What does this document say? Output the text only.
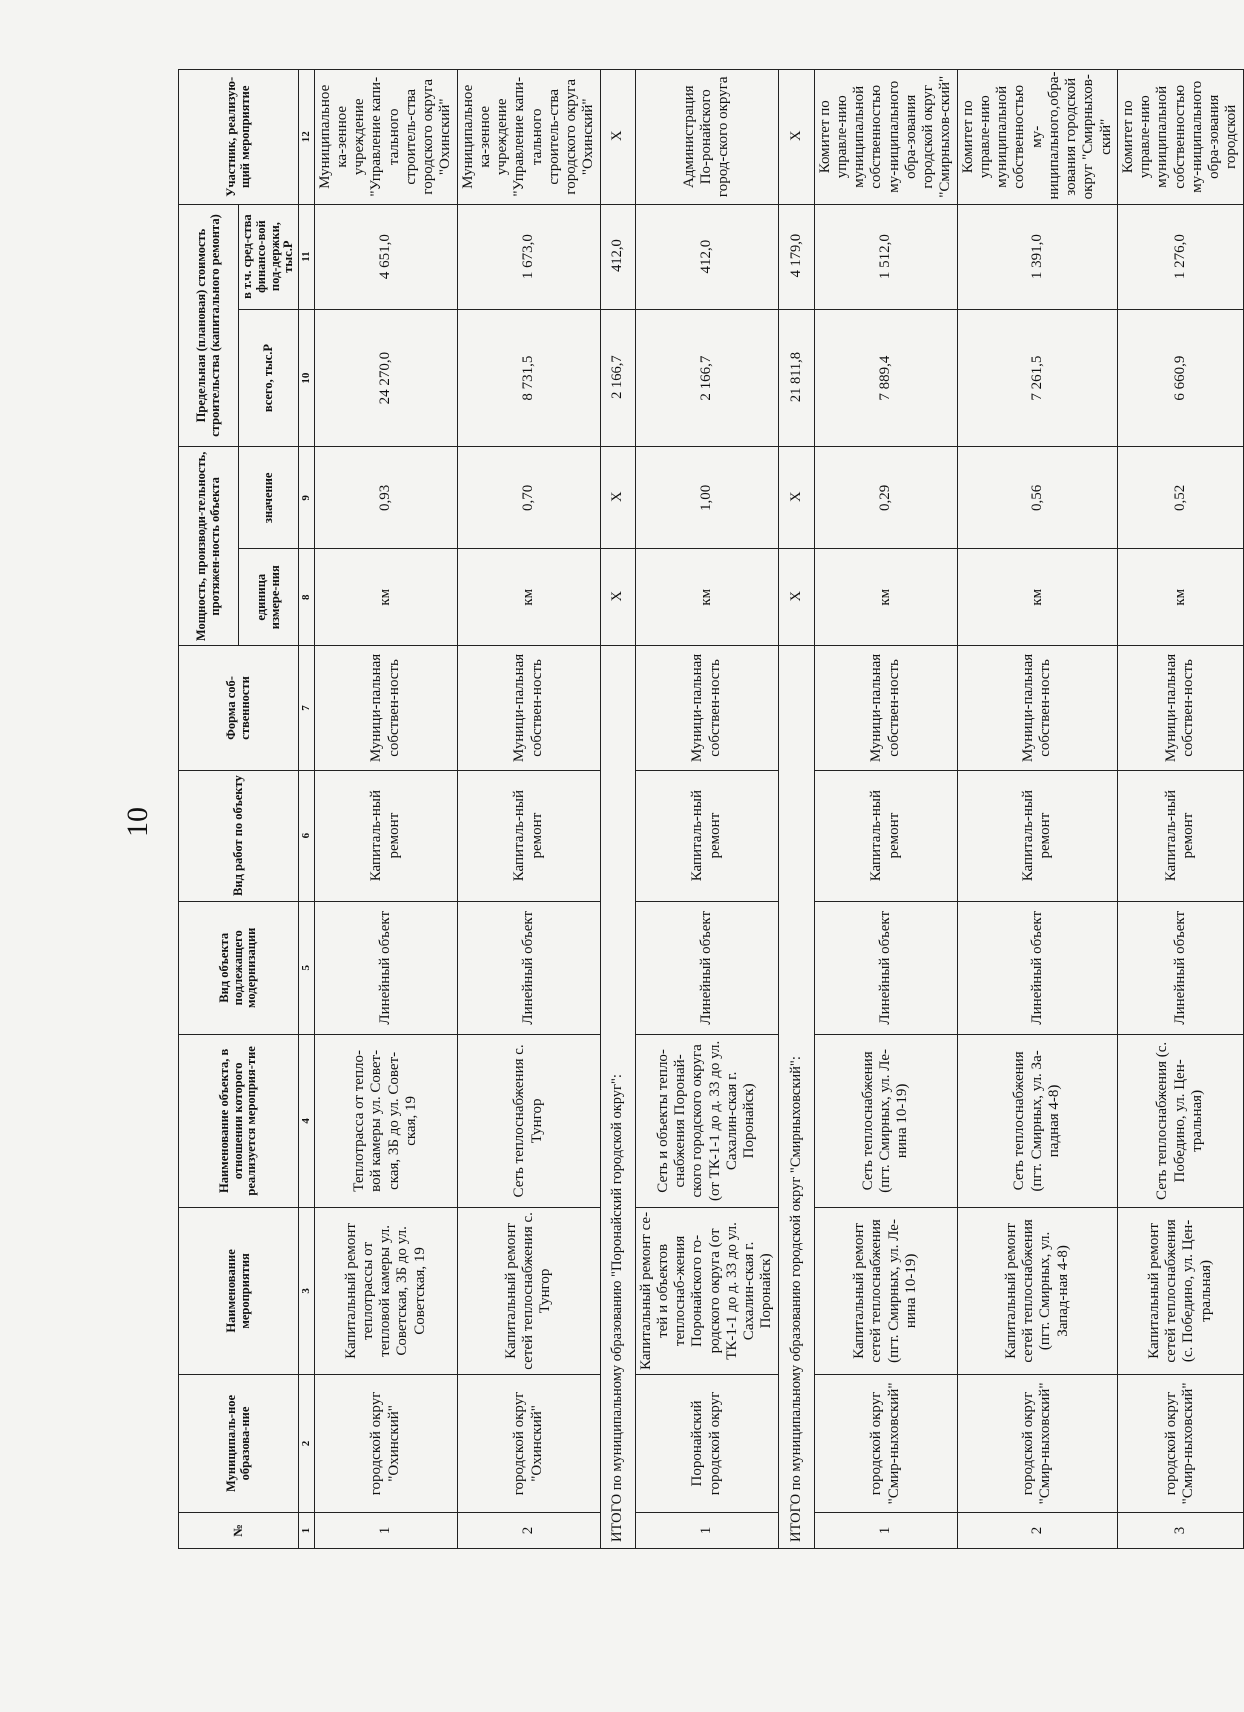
10
№	Муниципаль-ное образова-ние	Наименование мероприятия	Наименование объекта, в отношении которого реализуется мероприя-тие	Вид объекта подлежащего модернизации	Вид работ по объекту	Форма соб-ственности	Мощность, производи-тельность, протяжен-ность объекта		Предельная (плановая) стоимость строительства (капитального ремонта)		Участник, реализую-щий мероприятие
							единица измере-ния	значение	всего, тыс.Р	в т.ч. сред-ства финансо-вой под-держки, тыс.Р	
1	2	3	4	5	6	7	8	9	10	11	12
1	городской округ "Охинский"	Капитальный ремонт теплотрассы от тепловой камеры ул. Советская, 3Б до ул. Советская, 19	Теплотрасса от тепло-вой камеры ул. Совет-ская, 3Б до ул. Совет-ская, 19	Линейный объект	Капиталь-ный ремонт	Муници-пальная собствен-ность	км	0,93	24 270,0	4 651,0	Муниципальное ка-зенное учреждение "Управление капи-тального строитель-ства городского округа "Охинский"
2	городской округ "Охинский"	Капитальный ремонт сетей теплоснабжения с. Тунгор	Сеть теплоснабжения с. Тунгор	Линейный объект	Капиталь-ный ремонт	Муници-пальная собствен-ность	км	0,70	8 731,5	1 673,0	Муниципальное ка-зенное учреждение "Управление капи-тального строитель-ства городского округа "Охинский"
ИТОГО по муниципальному образованию "Поронайский городской округ":							Х	Х	2 166,7	412,0	Х
1	Поронайский городской округ	Капитальный ремонт се-тей и объектов теплоснаб-жения Поронайского го-родского округа (от ТК-1-1 до д. 33 до ул. Сахалин-ская г. Поронайск)	Сеть и объекты тепло-снабжения Поронай-ского городского округа (от ТК-1-1 до д. 33 до ул. Сахалин-ская г. Поронайск)	Линейный объект	Капиталь-ный ремонт	Муници-пальная собствен-ность	км	1,00	2 166,7	412,0	Администрация По-ронайского город-ского округа
ИТОГО по муниципальному образованию городской округ "Смирныховский":							Х	Х	21 811,8	4 179,0	Х
1	городской округ "Смир-ныховский"	Капитальный ремонт сетей теплоснабжения (пгт. Смирных, ул. Ле-нина 10-19)	Сеть теплоснабжения (пгт. Смирных, ул. Ле-нина 10-19)	Линейный объект	Капиталь-ный ремонт	Муници-пальная собствен-ность	км	0,29	7 889,4	1 512,0	Комитет по управле-нию муниципальной собственностью му-ниципального обра-зования городской округ "Смирныхов-ский"
2	городской округ "Смир-ныховский"	Капитальный ремонт сетей теплоснабжения (пгт. Смирных, ул. Запад-ная 4-8)	Сеть теплоснабжения (пгт. Смирных, ул. За-падная 4-8)	Линейный объект	Капиталь-ный ремонт	Муници-пальная собствен-ность	км	0,56	7 261,5	1 391,0	Комитет по управле-нию муниципальной собственностью му-ниципального,обра-зования городской округ "Смирныхов-ский"
3	городской округ "Смир-ныховский"	Капитальный ремонт сетей теплоснабжения (с. Победино, ул. Цен-тральная)	Сеть теплоснабжения (с. Победино, ул. Цен-тральная)	Линейный объект	Капиталь-ный ремонт	Муници-пальная собствен-ность	км	0,52	6 660,9	1 276,0	Комитет по управле-нию муниципальной собственностью му-ниципального обра-зования городской
